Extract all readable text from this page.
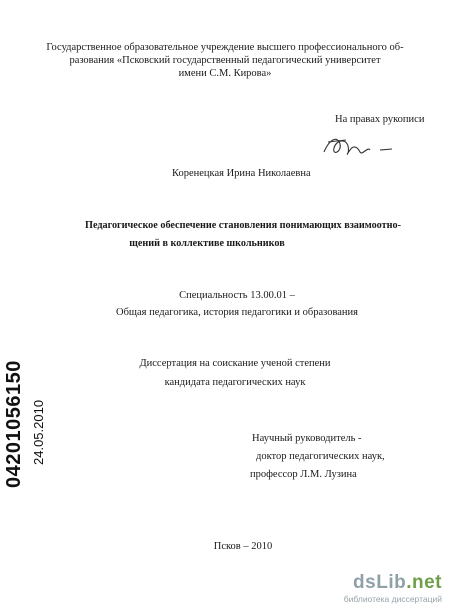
Государственное образовательное учреждение высшего профессионального об-
разования «Псковский государственный педагогический университет
имени С.М. Кирова»
На правах рукописи
Коренецкая Ирина Николаевна
Педагогическое обеспечение становления понимающих взаимоотно-
щений в коллективе школьников
Специальность 13.00.01 –
Общая педагогика, история педагогики и образования
Диссертация на соискание ученой степени
кандидата педагогических наук
Научный руководитель -
доктор педагогических наук,
профессор Л.М. Лузина
Псков – 2010
04201056150 24.05.2010
dsLib.net
библиотека диссертаций
